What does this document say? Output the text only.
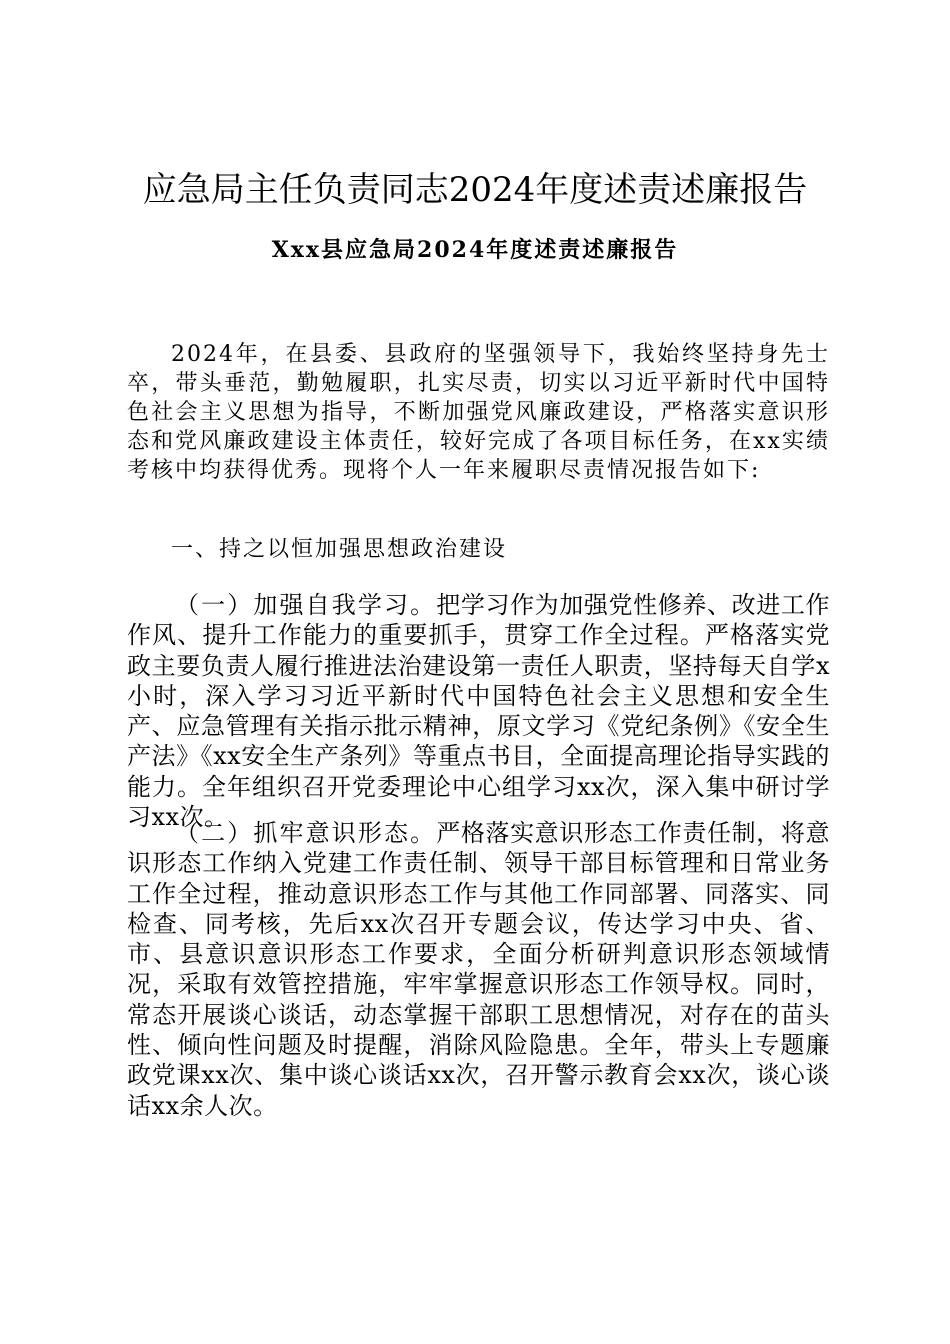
应急局主任负责同志2024年度述责述廉报告
Xxx县应急局2024年度述责述廉报告

2024年，在县委、县政府的坚强领导下，我始终坚持身先士卒，带头垂范，勤勉履职，扎实尽责，切实以习近平新时代中国特色社会主义思想为指导，不断加强党风廉政建设，严格落实意识形态和党风廉政建设主体责任，较好完成了各项目标任务，在xx实绩考核中均获得优秀。现将个人一年来履职尽责情况报告如下:

一、持之以恒加强思想政治建设

（一）加强自我学习。把学习作为加强党性修养、改进工作作风、提升工作能力的重要抓手，贯穿工作全过程。严格落实党政主要负责人履行推进法治建设第一责任人职责，坚持每天自学x小时，深入学习习近平新时代中国特色社会主义思想和安全生产、应急管理有关指示批示精神，原文学习《党纪条例》《安全生产法》《xx安全生产条列》等重点书目，全面提高理论指导实践的能力。全年组织召开党委理论中心组学习xx次，深入集中研讨学习xx次。

（二）抓牢意识形态。严格落实意识形态工作责任制，将意识形态工作纳入党建工作责任制、领导干部目标管理和日常业务工作全过程，推动意识形态工作与其他工作同部署、同落实、同检查、同考核，先后xx次召开专题会议，传达学习中央、省、市、县意识意识形态工作要求，全面分析研判意识形态领域情况，采取有效管控措施，牢牢掌握意识形态工作领导权。同时，常态开展谈心谈话，动态掌握干部职工思想情况，对存在的苗头性、倾向性问题及时提醒，消除风险隐患。全年，带头上专题廉政党课xx次、集中谈心谈话xx次，召开警示教育会xx次，谈心谈话xx余人次。
